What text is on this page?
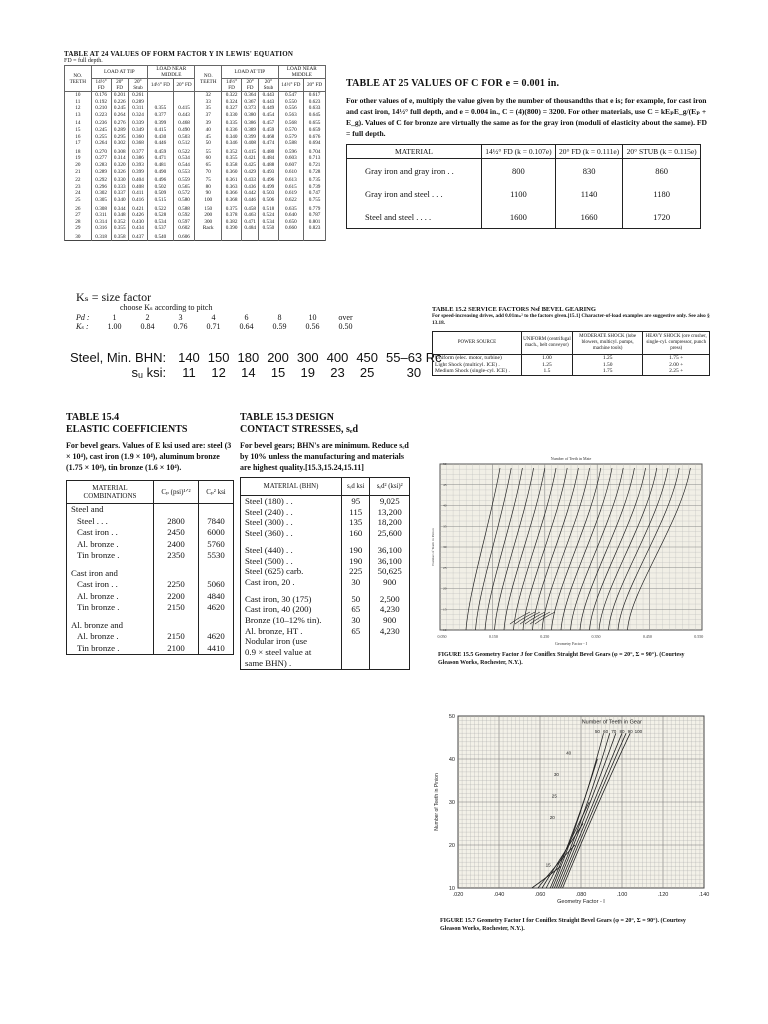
TABLE AT 24 VALUES OF FORM FACTOR Y IN LEWIS' EQUATION
FD = full depth.
NO. TEETH	LOAD AT TIP			LOAD NEAR MIDDLE		NO. TEETH	LOAD AT TIP			LOAD NEAR MIDDLE	
	14½° FD	20° FD	20° Stub	14½° FD	20° FD		14½° FD	20° FD	20° Stub	14½° FD	20° FD
10	0.176	0.201	0.261			32	0.322	0.364	0.443	0.547	0.617
11	0.192	0.226	0.289			33	0.324	0.367	0.443	0.550	0.623
12	0.210	0.245	0.311	0.355	0.415	35	0.327	0.373	0.449	0.556	0.633
13	0.223	0.264	0.324	0.377	0.443	37	0.330	0.380	0.454	0.563	0.645
14	0.236	0.276	0.339	0.399	0.468	39	0.335	0.386	0.457	0.568	0.655
15	0.245	0.289	0.349	0.415	0.490	40	0.336	0.389	0.459	0.570	0.659
16	0.255	0.295	0.360	0.430	0.503	45	0.340	0.399	0.468	0.579	0.676
17	0.264	0.302	0.368	0.446	0.512	50	0.346	0.408	0.474	0.588	0.694
18	0.270	0.308	0.377	0.459	0.522	55	0.352	0.415	0.480	0.596	0.704
19	0.277	0.314	0.386	0.471	0.534	60	0.355	0.421	0.484	0.603	0.713
20	0.283	0.320	0.393	0.481	0.544	65	0.358	0.425	0.488	0.607	0.721
21	0.289	0.326	0.399	0.490	0.553	70	0.360	0.429	0.493	0.610	0.728
22	0.292	0.330	0.404	0.496	0.559	75	0.361	0.433	0.496	0.613	0.735
23	0.296	0.333	0.408	0.502	0.565	80	0.363	0.436	0.499	0.615	0.739
24	0.302	0.337	0.411	0.509	0.572	90	0.366	0.442	0.503	0.619	0.747
25	0.305	0.340	0.416	0.515	0.580	100	0.368	0.446	0.506	0.622	0.755
26	0.308	0.344	0.421	0.522	0.588	150	0.375	0.458	0.518	0.635	0.779
27	0.311	0.348	0.426	0.528	0.592	200	0.378	0.463	0.524	0.640	0.787
28	0.314	0.352	0.430	0.534	0.597	300	0.382	0.471	0.534	0.650	0.801
29	0.316	0.355	0.434	0.537	0.602	Rack	0.390	0.484	0.550	0.660	0.823
30	0.318	0.358	0.437	0.540	0.606						
TABLE AT 25 VALUES OF C FOR e = 0.001 in.
For other values of e, multiply the value given by the number of thousandths that e is; for example, for cast iron and cast iron, 14½° full depth, and e = 0.004 in., C = (4)(800) = 3200. For other materials, use C = kEₚE_g/(Eₚ + E_g). Values of C for bronze are virtually the same as for the gray iron (moduli of elasticity about the same). FD = full depth.
MATERIAL	14½° FD (k = 0.107e)	20° FD (k = 0.111e)	20° STUB (k = 0.115e)
Gray iron and gray iron . .	800	830	860
Gray iron and steel . . .	1100	1140	1180
Steel and steel . . . .	1600	1660	1720
Kₛ = size factor
choose Kₛ according to pitch
Pd :	1	2	3	4	6	8	10	over
Kₛ :	1.00	0.84	0.76	0.71	0.64	0.59	0.56	0.50
Steel, Min. BHN:	140	150	180	200	300	400	450	55–63 Rc
sᵤ ksi:	11	12	14	15	19	23	25	30
TABLE 15.2 SERVICE FACTORS Nsf BEVEL GEARING
For speed-increasing drives, add 0.01mₙ² to the factors given.[15.1] Character-of-load examples are suggestive only. See also § 13.18.
POWER SOURCE	UNIFORM (centrifugal mach., belt conveyor)	MODERATE SHOCK (lobe blowers, multicyl. pumps, machine tools)	HEAVY SHOCK (ore crusher, single-cyl. compressor, punch press)
Uniform (elec. motor, turbine)	1.00	1.25	1.75 +
Light Shock (multicyl. ICE) .	1.25	1.50	2.00 +
Medium Shock (single-cyl. ICE) .	1.5	1.75	2.25 +
TABLE 15.4
ELASTIC COEFFICIENTS
For bevel gears. Values of E ksi used are: steel (3 × 10⁴), cast iron (1.9 × 10⁴), aluminum bronze (1.75 × 10⁴), tin bronze (1.6 × 10⁴).
MATERIAL COMBINATIONS	Cₚ (psi)¹ᐟ²	Cₚ² ksi
Steel and		
Steel . . .	2800	7840
Cast iron . .	2450	6000
Al. bronze .	2400	5760
Tin bronze .	2350	5530
Cast iron and		
Cast iron . .	2250	5060
Al. bronze .	2200	4840
Tin bronze .	2150	4620
Al. bronze and		
Al. bronze .	2150	4620
Tin bronze .	2100	4410
TABLE 15.3 DESIGN
CONTACT STRESSES, sₑd
For bevel gears; BHN's are minimum. Reduce sₑd by 10% unless the manufacturing and materials are highest quality.[15.3,15.24,15.11]
MATERIAL (BHN)	sₑd ksi	sₑd² (ksi)²
Steel (180) . .	95	9,025
Steel (240) . .	115	13,200
Steel (300) . .	135	18,200
Steel (360) . .	160	25,600
Steel (440) . .	190	36,100
Steel (500) . .	190	36,100
Steel (625) carb.	225	50,625
Cast iron, 20 .	30	900
Cast iron, 30 (175)	50	2,500
Cast iron, 40 (200)	65	4,230
Bronze (10–12% tin).	30	900
Al. bronze, HT .	65	4,230
Nodular iron (use		
0.9 × steel value at		
same BHN) .		
Number of Teeth in Mate
Geometry Factor - I
Number of Teeth in Pinion
0.050	0.150	0.250	0.350	0.450	0.550
10
15
20
25
30
35
40
45
50
FIGURE 15.5 Geometry Factor J for Coniflex Straight Bevel Gears (φ = 20°, Σ = 90°). (Courtesy Gleason Works, Rochester, N.Y.).
.020	.040	.060	.080	.100	.120	.140
10
20
30
40
50
Geometry Factor - I
Number of Teeth in Pinion
Number of Teeth in Gear
50 60 70 80 90 100
40
30
25
20
15
FIGURE 15.7 Geometry Factor I for Coniflex Straight Bevel Gears (φ = 20°, Σ = 90°). (Courtesy Gleason Works, Rochester, N.Y.).
